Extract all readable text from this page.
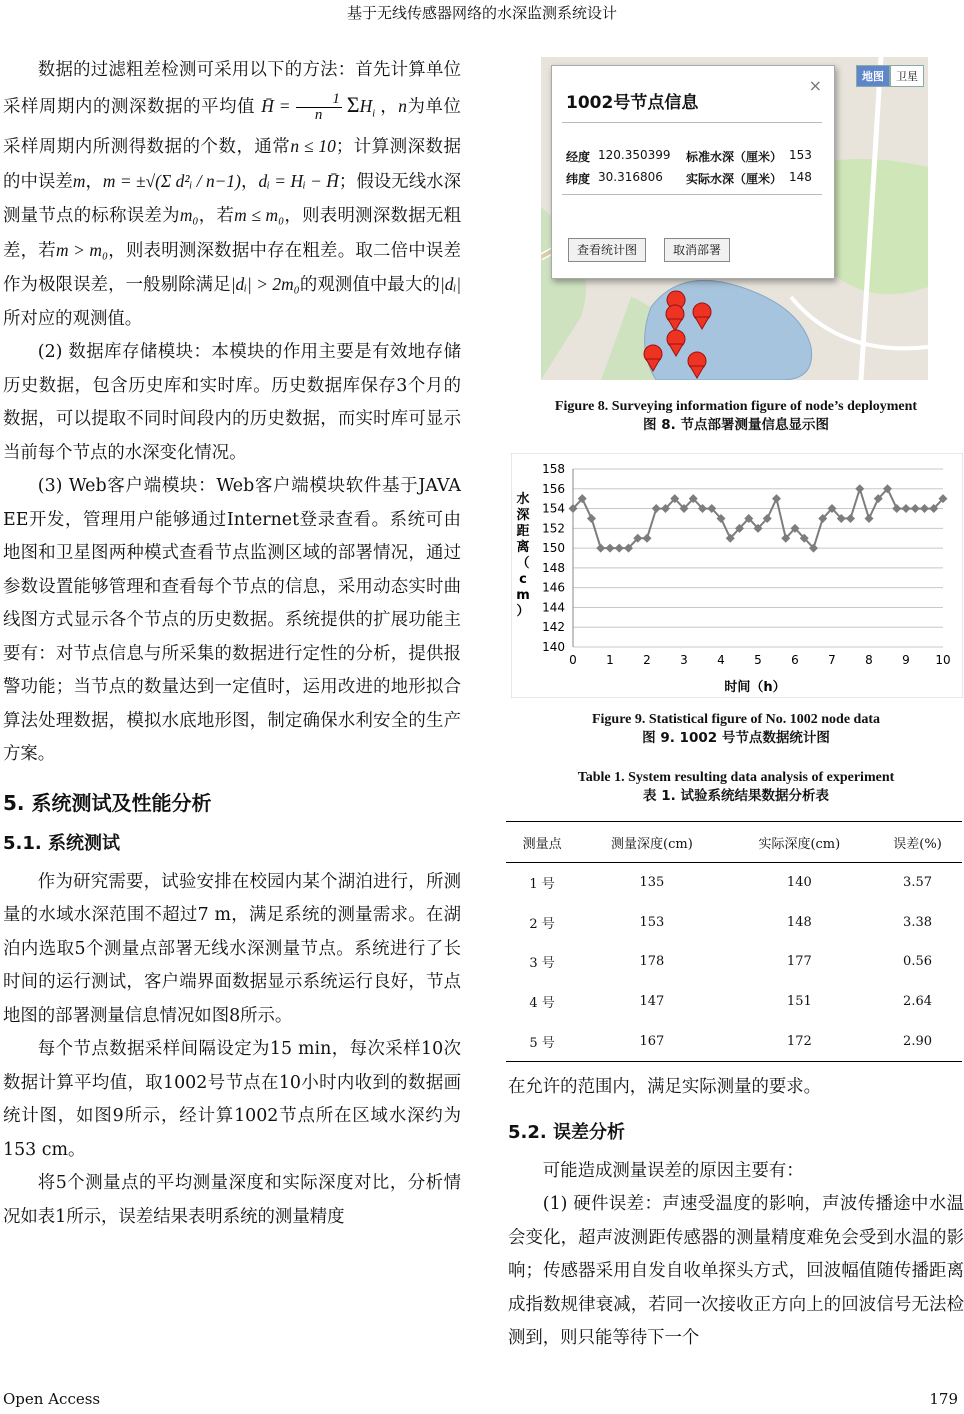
基于无线传感器网络的水深监测系统设计

数据的过滤粗差检测可采用以下的方法：首先计算单位采样周期内的测深数据的平均值 H̄ = $\frac{1}{n} \Sigma H_i$ ，n为单位采样周期内所测得数据的个数，通常n ≤ 10；计算测深数据的中误差m，m = ±√(Σ d²ᵢ / n−1)，dᵢ = Hᵢ − H̄；假设无线水深测量节点的标称误差为m₀，若m ≤ m₀，则表明测深数据无粗差，若m > m₀，则表明测深数据中存在粗差。取二倍中误差作为极限误差，一般剔除满足|dᵢ| > 2m₀的观测值中最大的|dᵢ|所对应的观测值。

(2) 数据库存储模块：本模块的作用主要是有效地存储历史数据，包含历史库和实时库。历史数据库保存3个月的数据，可以提取不同时间段内的历史数据，而实时库可显示当前每个节点的水深变化情况。

(3) Web客户端模块：Web客户端模块软件基于JAVA EE开发，管理用户能够通过Internet登录查看。系统可由地图和卫星图两种模式查看节点监测区域的部署情况，通过参数设置能够管理和查看每个节点的信息，采用动态实时曲线图方式显示各个节点的历史数据。系统提供的扩展功能主要有：对节点信息与所采集的数据进行定性的分析，提供报警功能；当节点的数量达到一定值时，运用改进的地形拟合算法处理数据，模拟水底地形图，制定确保水利安全的生产方案。

5. 系统测试及性能分析

5.1. 系统测试

作为研究需要，试验安排在校园内某个湖泊进行，所测量的水域水深范围不超过7 m，满足系统的测量需求。在湖泊内选取5个测量点部署无线水深测量节点。系统进行了长时间的运行测试，客户端界面数据显示系统运行良好，节点地图的部署测量信息情况如图8所示。

每个节点数据采样间隔设定为15 min，每次采样10次数据计算平均值，取1002号节点在10小时内收到的数据画统计图，如图9所示，经计算1002节点所在区域水深约为153 cm。

将5个测量点的平均测量深度和实际深度对比，分析情况如表1所示，误差结果表明系统的测量精度

地图	卫星
1002号节点信息
×
经度 120.350399 标准水深（厘米） 153
纬度 30.316806 实际水深（厘米） 148
查看统计图	取消部署
Figure 8. Surveying information figure of node’s deployment
图 8. 节点部署测量信息显示图
140
142
144
146
148
150
152
154
156
158
0 1 2 3 4 5 6 7 8 9 10
水
深
距
离
（
c
m
）
时间（h）
Figure 9. Statistical figure of No. 1002 node data
图 9. 1002 号节点数据统计图
Table 1. System resulting data analysis of experiment
表 1. 试验系统结果数据分析表
测量点	测量深度(cm)	实际深度(cm)	误差(%)
1 号	135	140	3.57
2 号	153	148	3.38
3 号	178	177	0.56
4 号	147	151	2.64
5 号	167	172	2.90

在允许的范围内，满足实际测量的要求。

5.2. 误差分析

可能造成测量误差的原因主要有：

(1) 硬件误差：声速受温度的影响，声波传播途中水温会变化，超声波测距传感器的测量精度难免会受到水温的影响；传感器采用自发自收单探头方式，回波幅值随传播距离成指数规律衰减，若同一次接收正方向上的回波信号无法检测到，则只能等待下一个

Open Access	179
